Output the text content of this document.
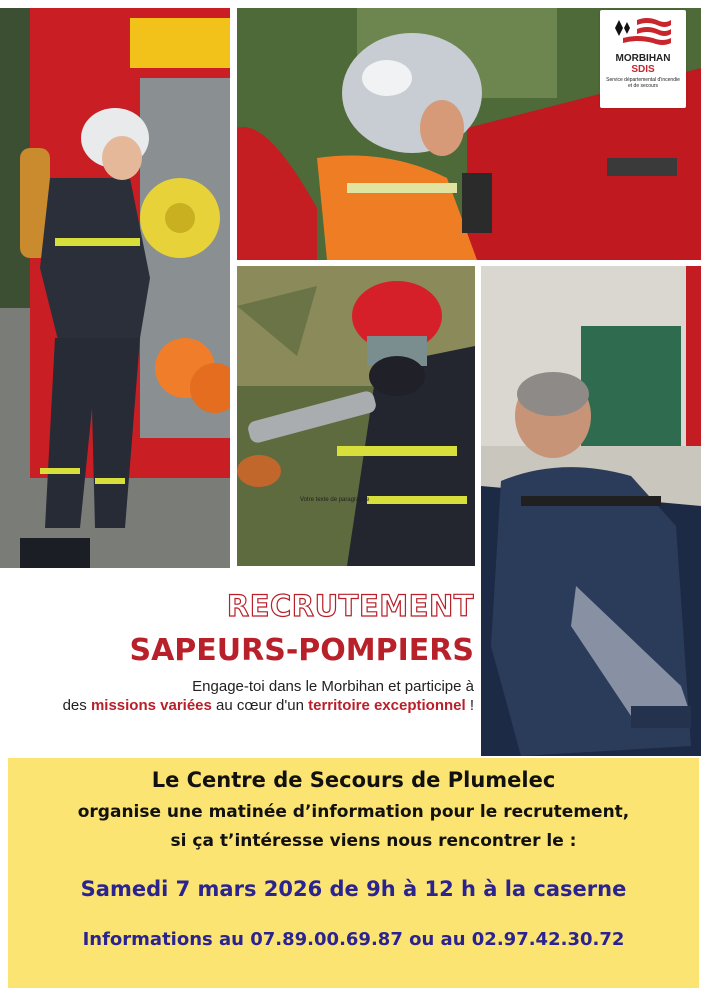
MORBIHAN
SDIS
Service départemental d'incendie et de secours
Votre texte de paragraphe
RECRUTEMENT
SAPEURS-POMPIERS
Engage-toi dans le Morbihan et participe à
des missions variées au cœur d'un territoire exceptionnel !
Le Centre de Secours de Plumelec
organise une matinée d’information pour le recrutement,
si ça t’intéresse viens nous rencontrer le :
Samedi 7 mars 2026 de 9h à 12 h à la caserne
Informations au 07.89.00.69.87 ou au 02.97.42.30.72
